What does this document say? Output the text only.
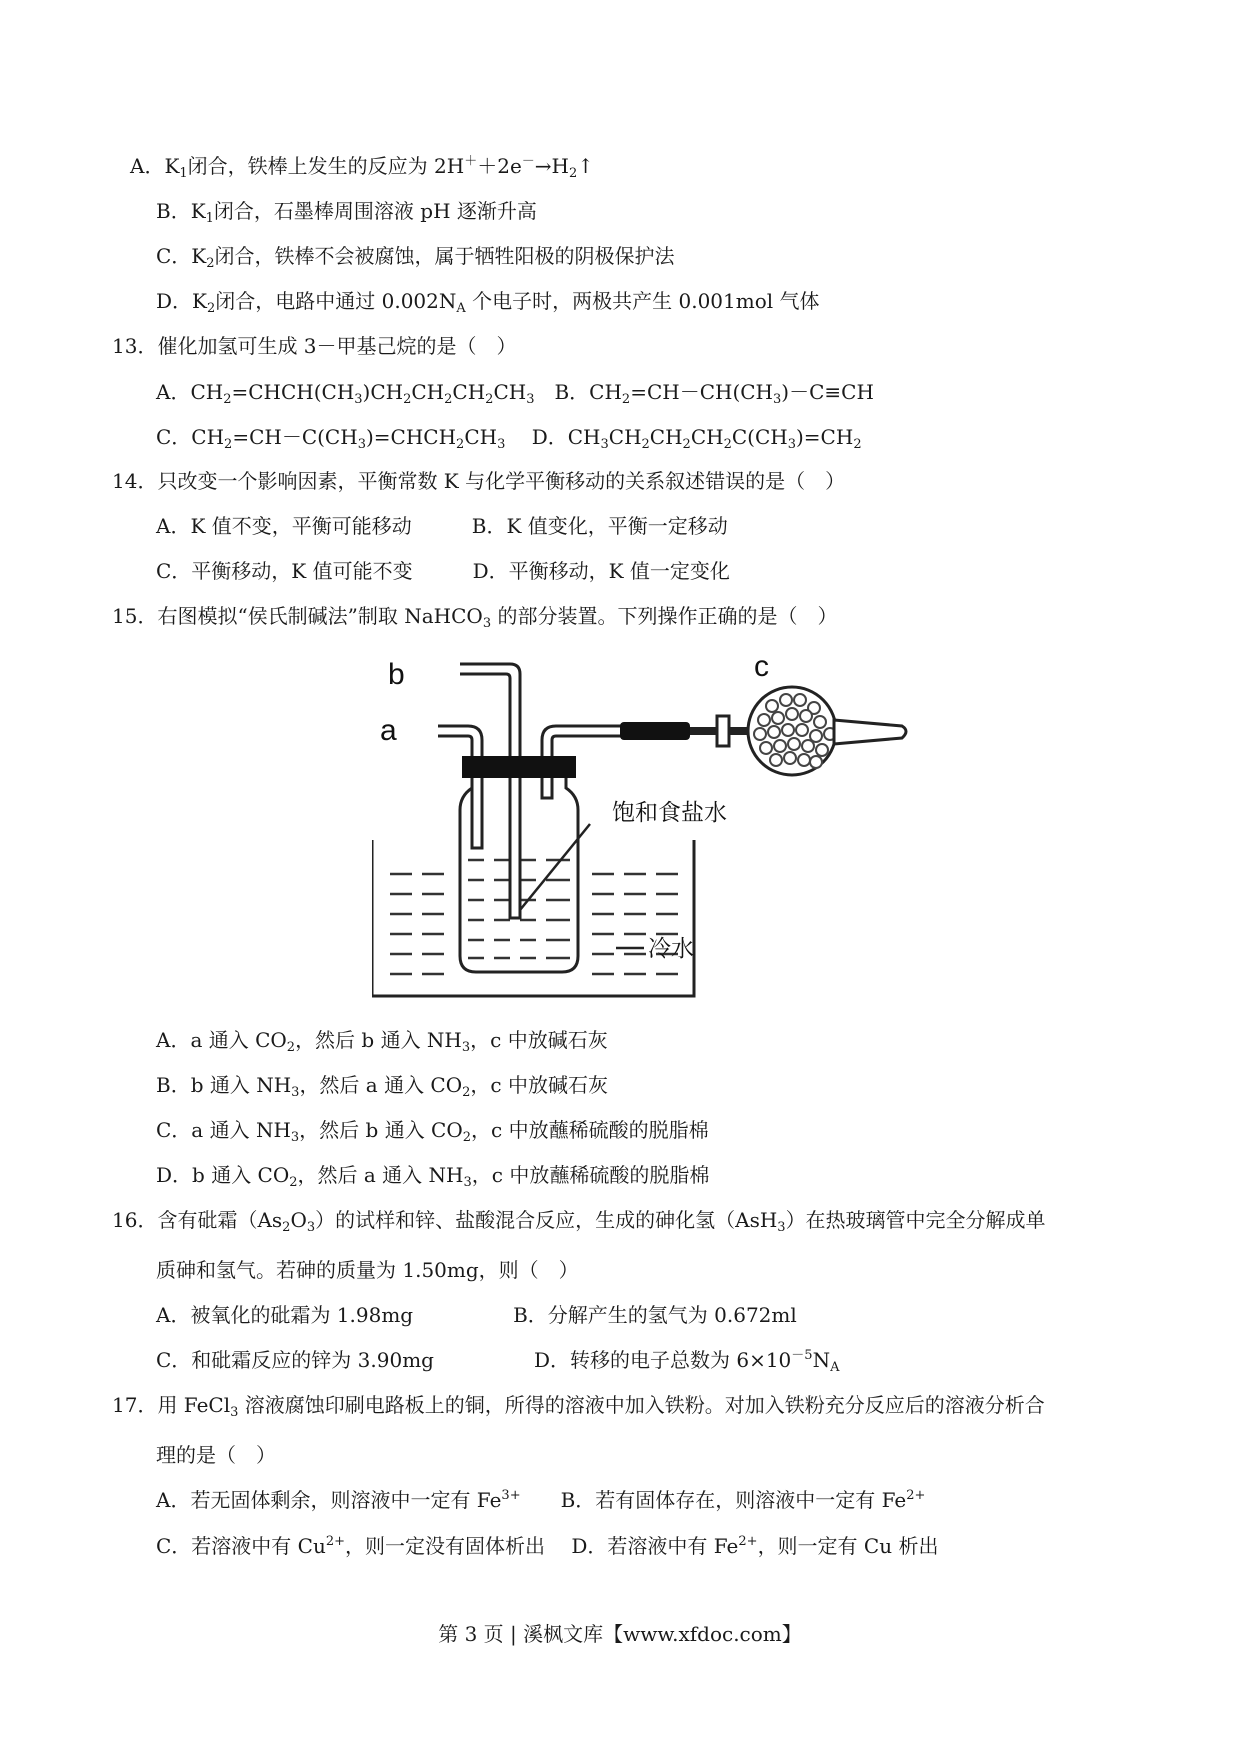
A．$K_1$闭合，铁棒上发生的反应为 $2H^++2e^-\to H_2↑$
B．$K_1$闭合，石墨棒周围溶液 pH 逐渐升高
C．$K_2$闭合，铁棒不会被腐蚀，属于牺牲阳极的阴极保护法
D．$K_2$闭合，电路中通过 $0.002N_A$ 个电子时，两极共产生 0.001mol 气体
13．催化加氢可生成 3－甲基己烷的是（　）
A．$CH_2=CHCH(CH_3)CH_2CH_2CH_2CH_3$　B．$CH_2=CH-CH(CH_3)-C\equiv CH$
C．$CH_2=CH-C(CH_3)=CHCH_2CH_3$　 D．$CH_3CH_2CH_2CH_2C(CH_3)=CH_2$
14．只改变一个影响因素，平衡常数 K 与化学平衡移动的关系叙述错误的是（　）
A．K 值不变，平衡可能移动　　　B．K 值变化，平衡一定移动
C．平衡移动，K 值可能不变　　　D．平衡移动，K 值一定变化
15．右图模拟“侯氏制碱法”制取 NaHCO$_3$ 的部分装置。下列操作正确的是（　）
A．a 通入 $CO_2$，然后 b 通入 $NH_3$，c 中放碱石灰
B．b 通入 $NH_3$，然后 a 通入 $CO_2$，c 中放碱石灰
C．a 通入 $NH_3$，然后 b 通入 $CO_2$，c 中放蘸稀硫酸的脱脂棉
D．b 通入 $CO_2$，然后 a 通入 $NH_3$，c 中放蘸稀硫酸的脱脂棉
16．含有砒霜$(As_2O_3)$的试样和锌、盐酸混合反应，生成的砷化氢（AsH$_3$）在热玻璃管中完全分解成单
质砷和氢气。若砷的质量为 1.50mg，则（　）
A．被氧化的砒霜为 1.98mg　　　　　B．分解产生的氢气为 0.672ml
C．和砒霜反应的锌为 3.90mg　　　　　D．转移的电子总数为 $6\times 10^{-5}N_A$
17．用 FeCl$_3$ 溶液腐蚀印刷电路板上的铜，所得的溶液中加入铁粉。对加入铁粉充分反应后的溶液分析合
理的是（　）
A．若无固体剩余，则溶液中一定有 $Fe^{3+}$　　B．若有固体存在，则溶液中一定有 $Fe^{2+}$
C．若溶液中有 $Cu^{2+}$，则一定没有固体析出　 D．若溶液中有 $Fe^{2+}$，则一定有 Cu 析出
b
a
c
饱和食盐水
冷水
第 3 页 | 溪枫文库【www.xfdoc.com】
